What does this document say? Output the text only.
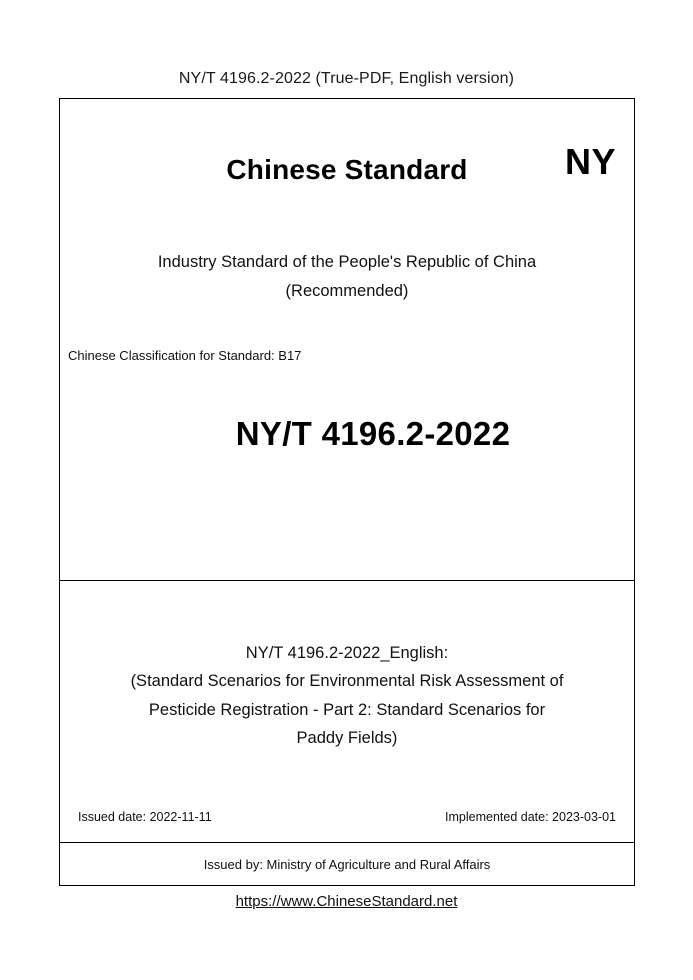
NY/T 4196.2-2022 (True-PDF, English version)
Chinese Standard	NY
Industry Standard of the People's Republic of China
(Recommended)
Chinese Classification for Standard: B17
NY/T 4196.2-2022
NY/T 4196.2-2022_English:
(Standard Scenarios for Environmental Risk Assessment of
Pesticide Registration - Part 2: Standard Scenarios for
Paddy Fields)
Issued date: 2022-11-11	Implemented date: 2023-03-01
Issued by: Ministry of Agriculture and Rural Affairs
https://www.ChineseStandard.net
